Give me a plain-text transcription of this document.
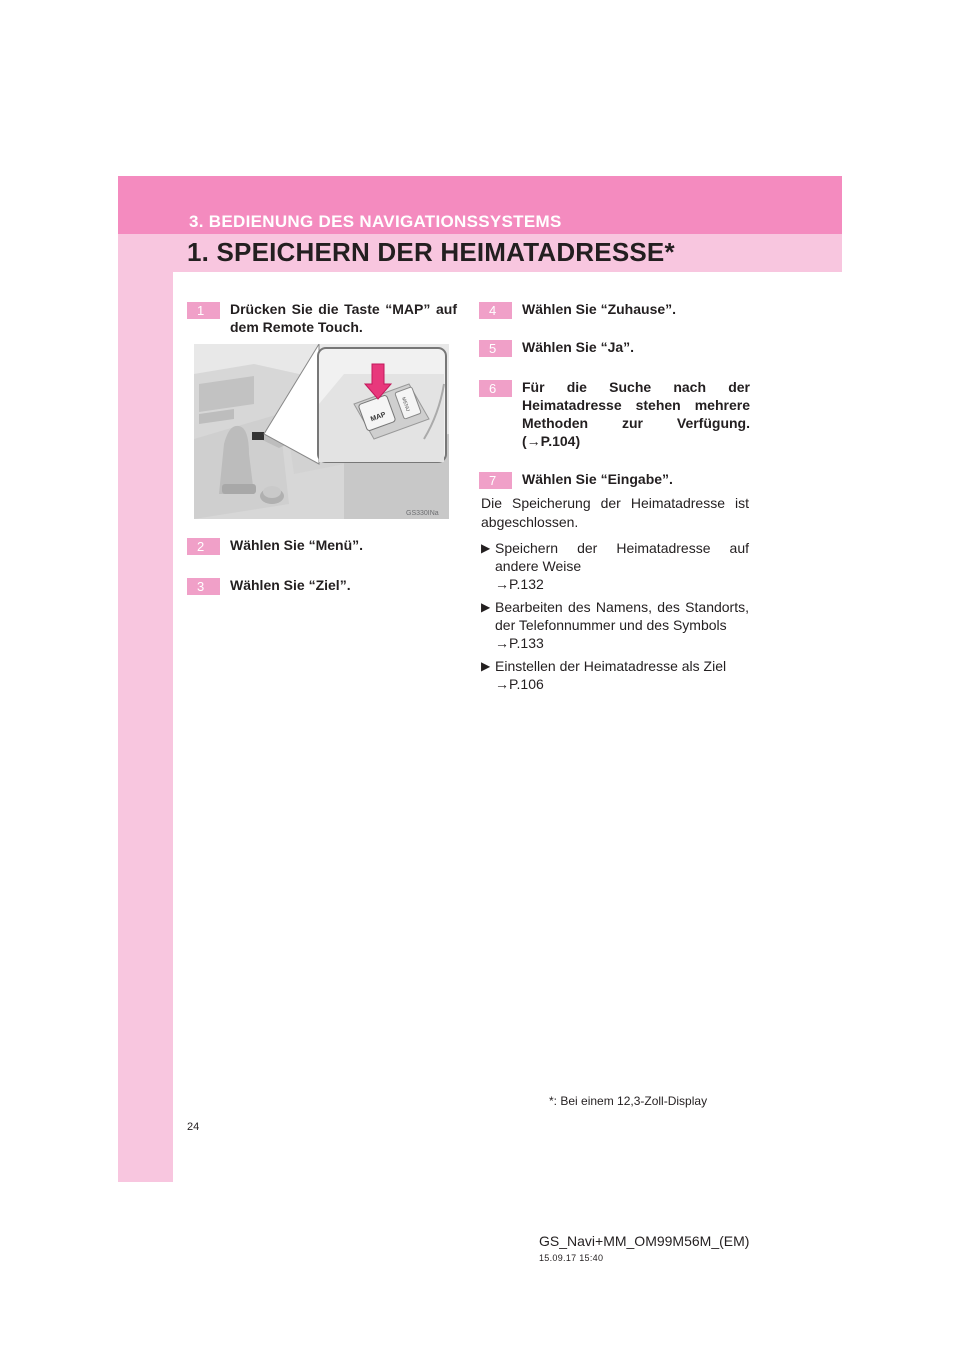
3. BEDIENUNG DES NAVIGATIONSSYSTEMS
1. SPEICHERN DER HEIMATADRESSE*
1	Drücken Sie die Taste “MAP” auf dem Remote Touch.
MAP
MENU
GS330INa
2	Wählen Sie “Menü”.
3	Wählen Sie “Ziel”.
4	Wählen Sie “Zuhause”.
5	Wählen Sie “Ja”.
6	Für die Suche nach der Heimatadresse stehen mehrere Methoden zur Verfügung. (→P.104)
7	Wählen Sie “Eingabe”.
Die Speicherung der Heimatadresse ist abgeschlossen.
▶ Speichern der Heimatadresse auf andere Weise
→P.132
▶ Bearbeiten des Namens, des Standorts, der Telefonnummer und des Symbols
→P.133
▶ Einstellen der Heimatadresse als Ziel
→P.106
*: Bei einem 12,3-Zoll-Display
24
GS_Navi+MM_OM99M56M_(EM)
15.09.17 15:40
